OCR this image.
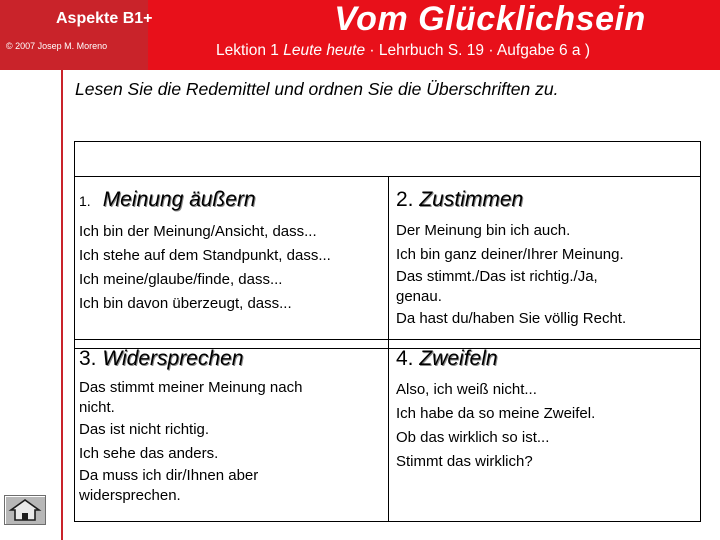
Aspekte B1+
© 2007 Josep M. Moreno
Vom Glücklichsein
Lektion 1 Leute heute · Lehrbuch S. 19 · Aufgabe 6 a )
Lesen Sie die Redemittel und ordnen Sie die Überschriften zu.
1. Meinung äußern
Ich bin der Meinung/Ansicht, dass...
Ich stehe auf dem Standpunkt, dass...
Ich meine/glaube/finde, dass...
Ich bin davon überzeugt, dass...
2. Zustimmen
Der Meinung bin ich auch.
Ich bin ganz deiner/Ihrer Meinung.
Das stimmt./Das ist richtig./Ja,
genau.
Da hast du/haben Sie völlig Recht.
3. Widersprechen
Das stimmt meiner Meinung nach
nicht.
Das ist nicht richtig.
Ich sehe das anders.
Da muss ich dir/Ihnen aber
widersprechen.
4. Zweifeln
Also, ich weiß nicht...
Ich habe da so meine Zweifel.
Ob das wirklich so ist...
Stimmt das wirklich?
